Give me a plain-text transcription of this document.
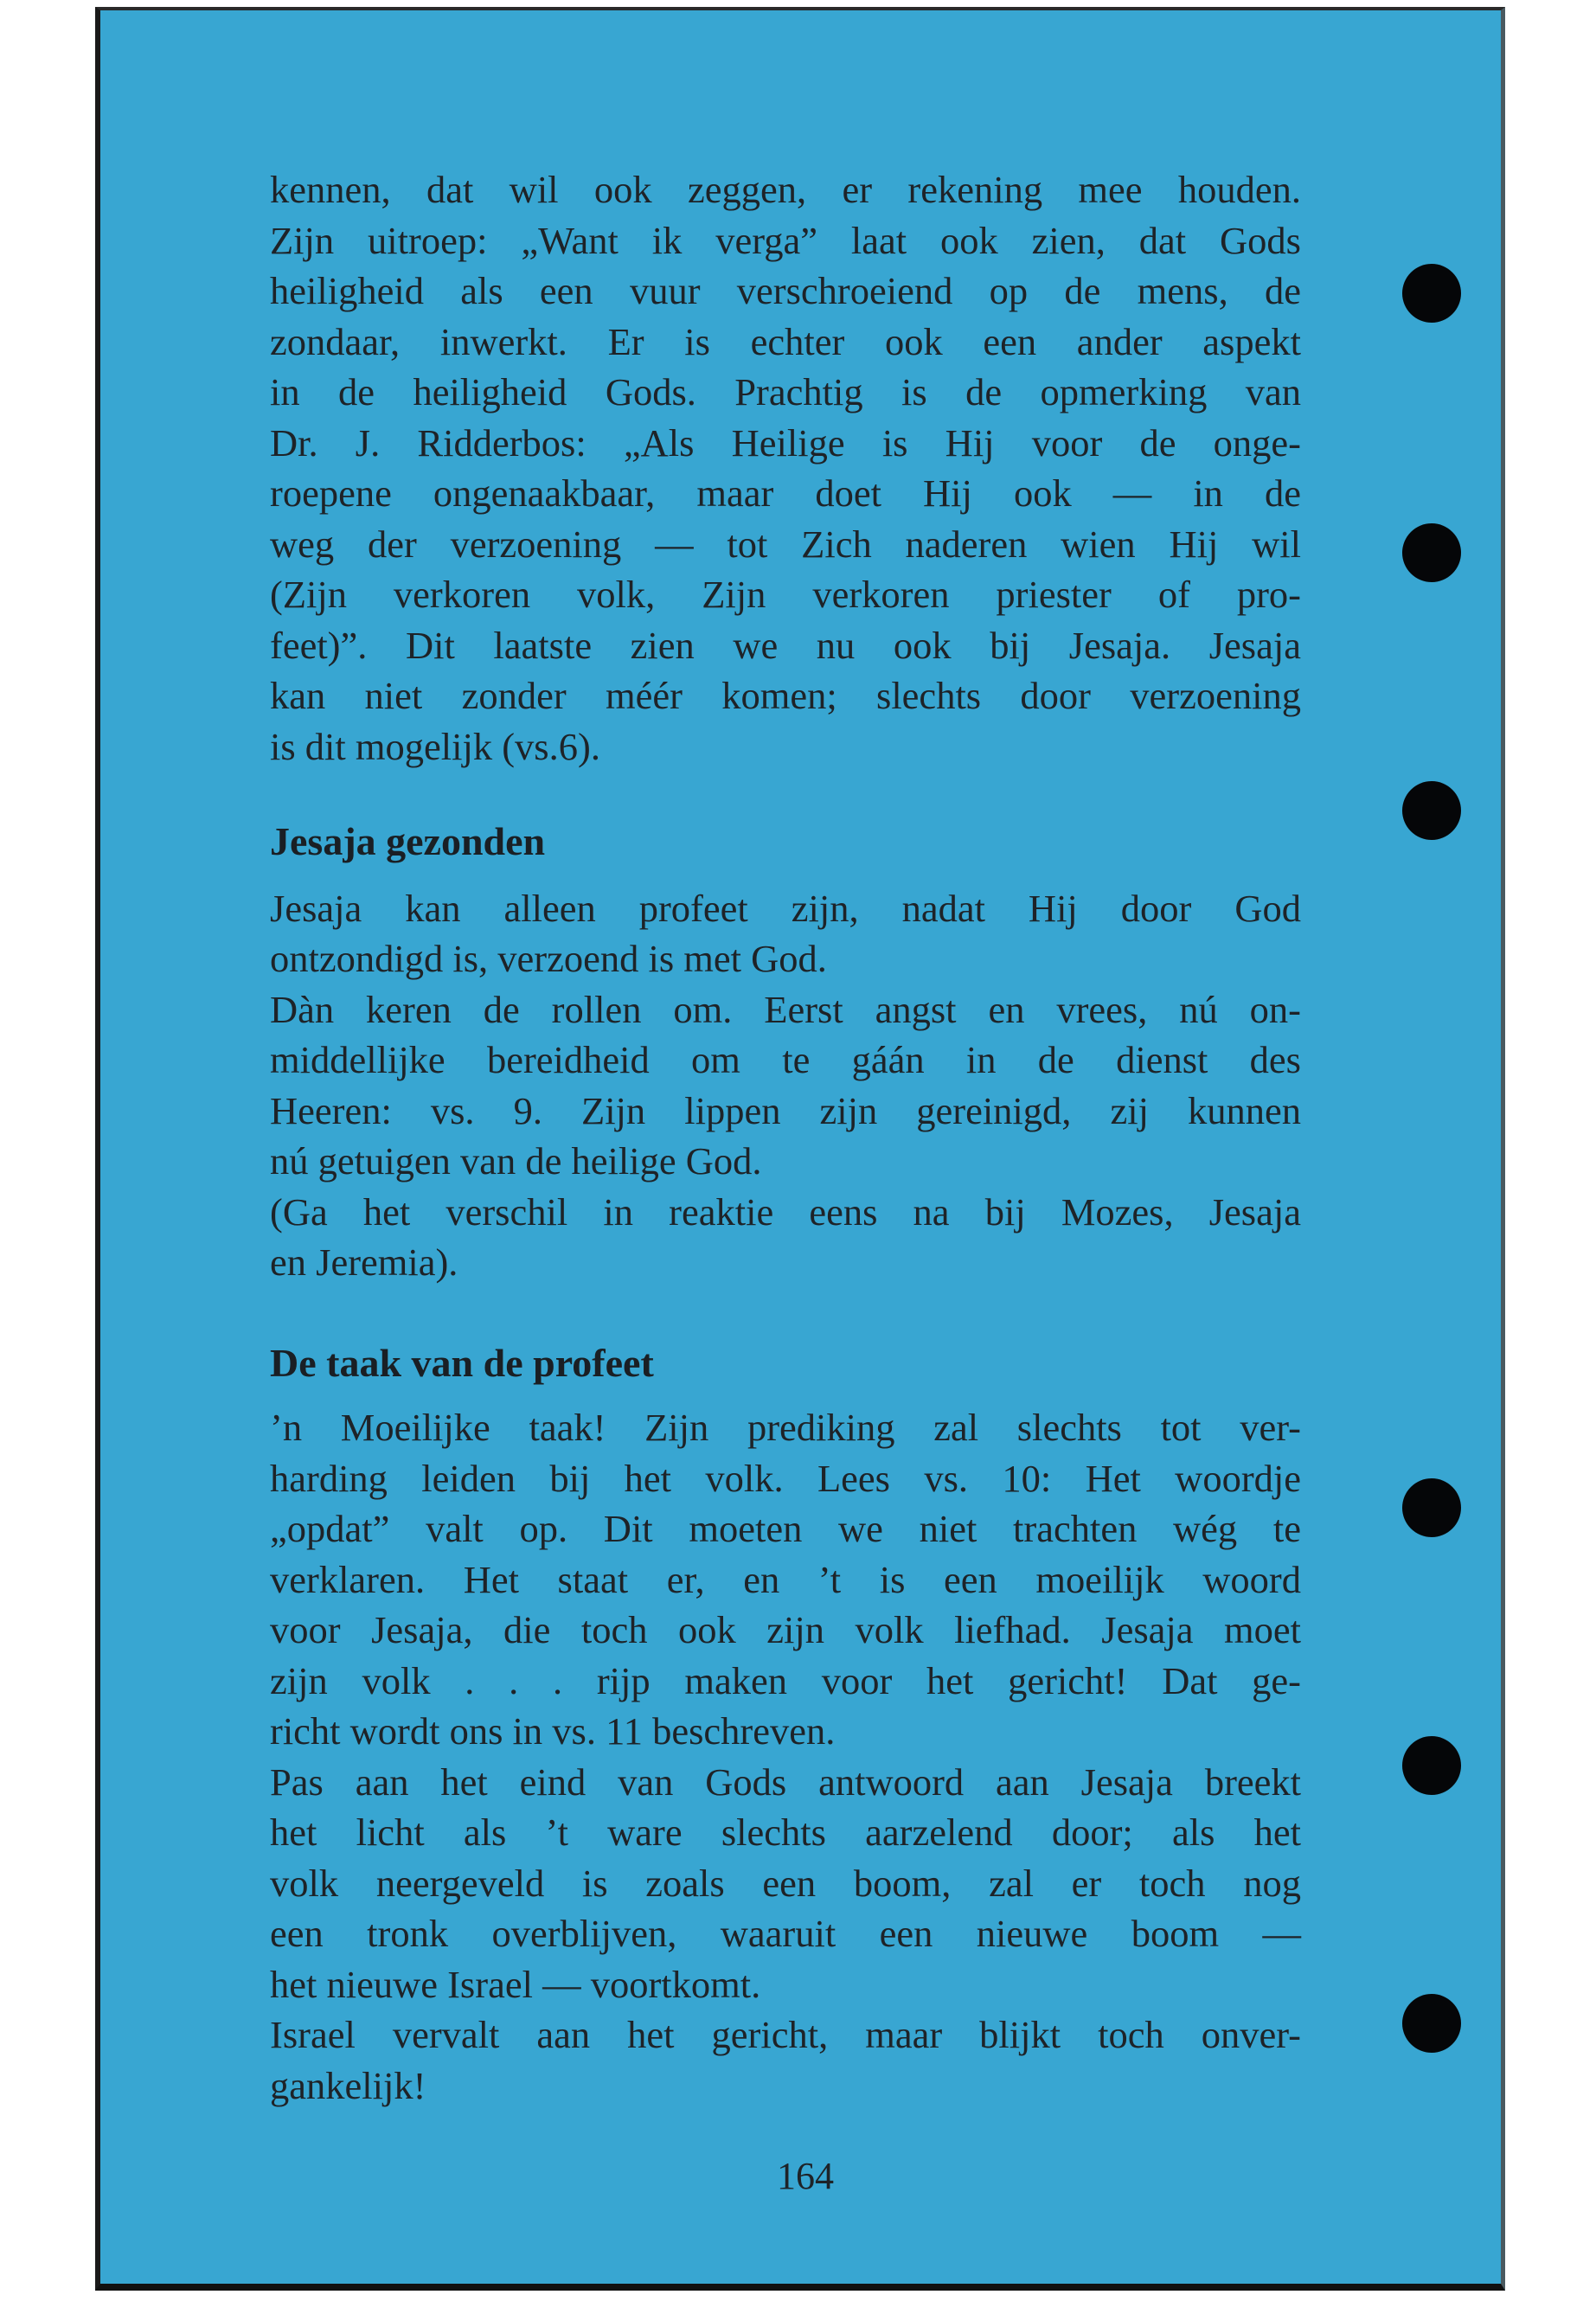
kennen, dat wil ook zeggen, er rekening mee houden.
Zijn uitroep: „Want ik verga” laat ook zien, dat Gods
heiligheid als een vuur verschroeiend op de mens, de
zondaar, inwerkt. Er is echter ook een ander aspekt
in de heiligheid Gods. Prachtig is de opmerking van
Dr. J. Ridderbos: „Als Heilige is Hij voor de onge-
roepene ongenaakbaar, maar doet Hij ook — in de
weg der verzoening — tot Zich naderen wien Hij wil
(Zijn verkoren volk, Zijn verkoren priester of pro-
feet)”. Dit laatste zien we nu ook bij Jesaja. Jesaja
kan niet zonder méér komen; slechts door verzoening
is dit mogelijk (vs.6).

Jesaja gezonden

Jesaja kan alleen profeet zijn, nadat Hij door God
ontzondigd is, verzoend is met God.
Dàn keren de rollen om. Eerst angst en vrees, nú on-
middellijke bereidheid om te gáán in de dienst des
Heeren: vs. 9. Zijn lippen zijn gereinigd, zij kunnen
nú getuigen van de heilige God.
(Ga het verschil in reaktie eens na bij Mozes, Jesaja
en Jeremia).

De taak van de profeet

’n Moeilijke taak! Zijn prediking zal slechts tot ver-
harding leiden bij het volk. Lees vs. 10: Het woordje
„opdat” valt op. Dit moeten we niet trachten wég te
verklaren. Het staat er, en ’t is een moeilijk woord
voor Jesaja, die toch ook zijn volk liefhad. Jesaja moet
zijn volk . . . rijp maken voor het gericht! Dat ge-
richt wordt ons in vs. 11 beschreven.
Pas aan het eind van Gods antwoord aan Jesaja breekt
het licht als ’t ware slechts aarzelend door; als het
volk neergeveld is zoals een boom, zal er toch nog
een tronk overblijven, waaruit een nieuwe boom —
het nieuwe Israel — voortkomt.
Israel vervalt aan het gericht, maar blijkt toch onver-
gankelijk!

164
